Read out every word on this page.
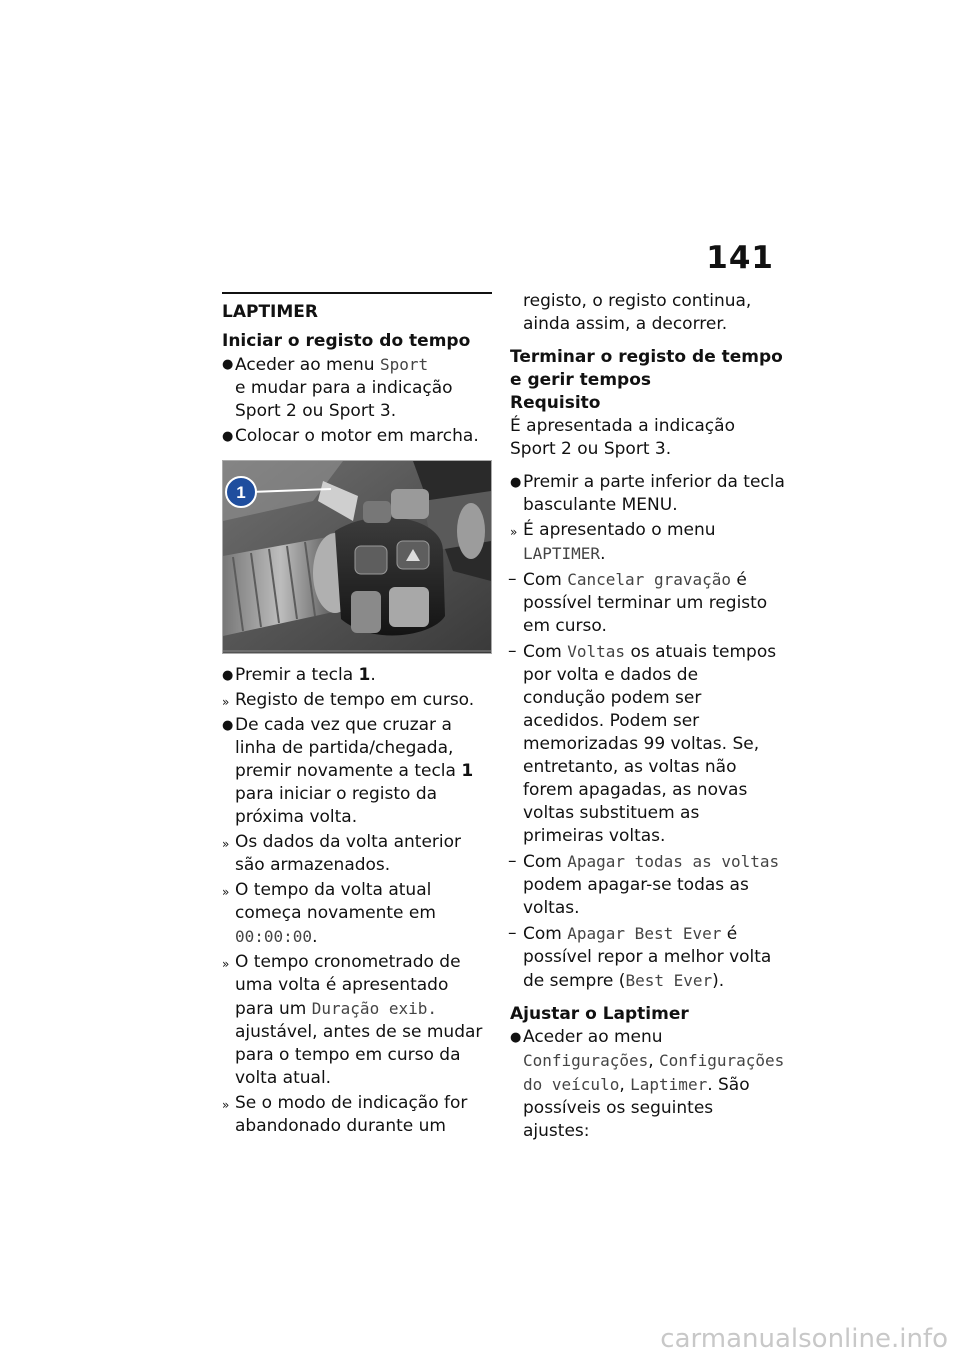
141
LAPTIMER
Iniciar o registo do tempo
● Aceder ao menu Sport
e mudar para a indicação Sport 2 ou Sport 3.
● Colocar o motor em marcha.
1
● Premir a tecla 1.
» Registo de tempo em curso.
● De cada vez que cruzar a linha de partida/chegada, premir novamente a tecla 1 para iniciar o registo da próxima volta.
» Os dados da volta anterior são armazenados.
» O tempo da volta atual começa novamente em 00:00:00.
» O tempo cronometrado de uma volta é apresentado para um Duração exib. ajustável, antes de se mudar para o tempo em curso da volta atual.
» Se o modo de indicação for abandonado durante um
registo, o registo continua, ainda assim, a decorrer.
Terminar o registo de tempo
e gerir tempos
Requisito
É apresentada a indicação Sport 2 ou Sport 3.
● Premir a parte inferior da tecla basculante MENU.
» É apresentado o menu LAPTIMER.
– Com Cancelar gravação é possível terminar um registo em curso.
– Com Voltas os atuais tempos por volta e dados de condução podem ser acedidos. Podem ser memorizadas 99 voltas. Se, entretanto, as voltas não forem apagadas, as novas voltas substituem as primeiras voltas.
– Com Apagar todas as voltas podem apagar-se todas as voltas.
– Com Apagar Best Ever é possível repor a melhor volta de sempre (Best Ever).
Ajustar o Laptimer
● Aceder ao menu Configurações, Configurações do veículo, Laptimer. São possíveis os seguintes ajustes:
carmanualsonline.info
